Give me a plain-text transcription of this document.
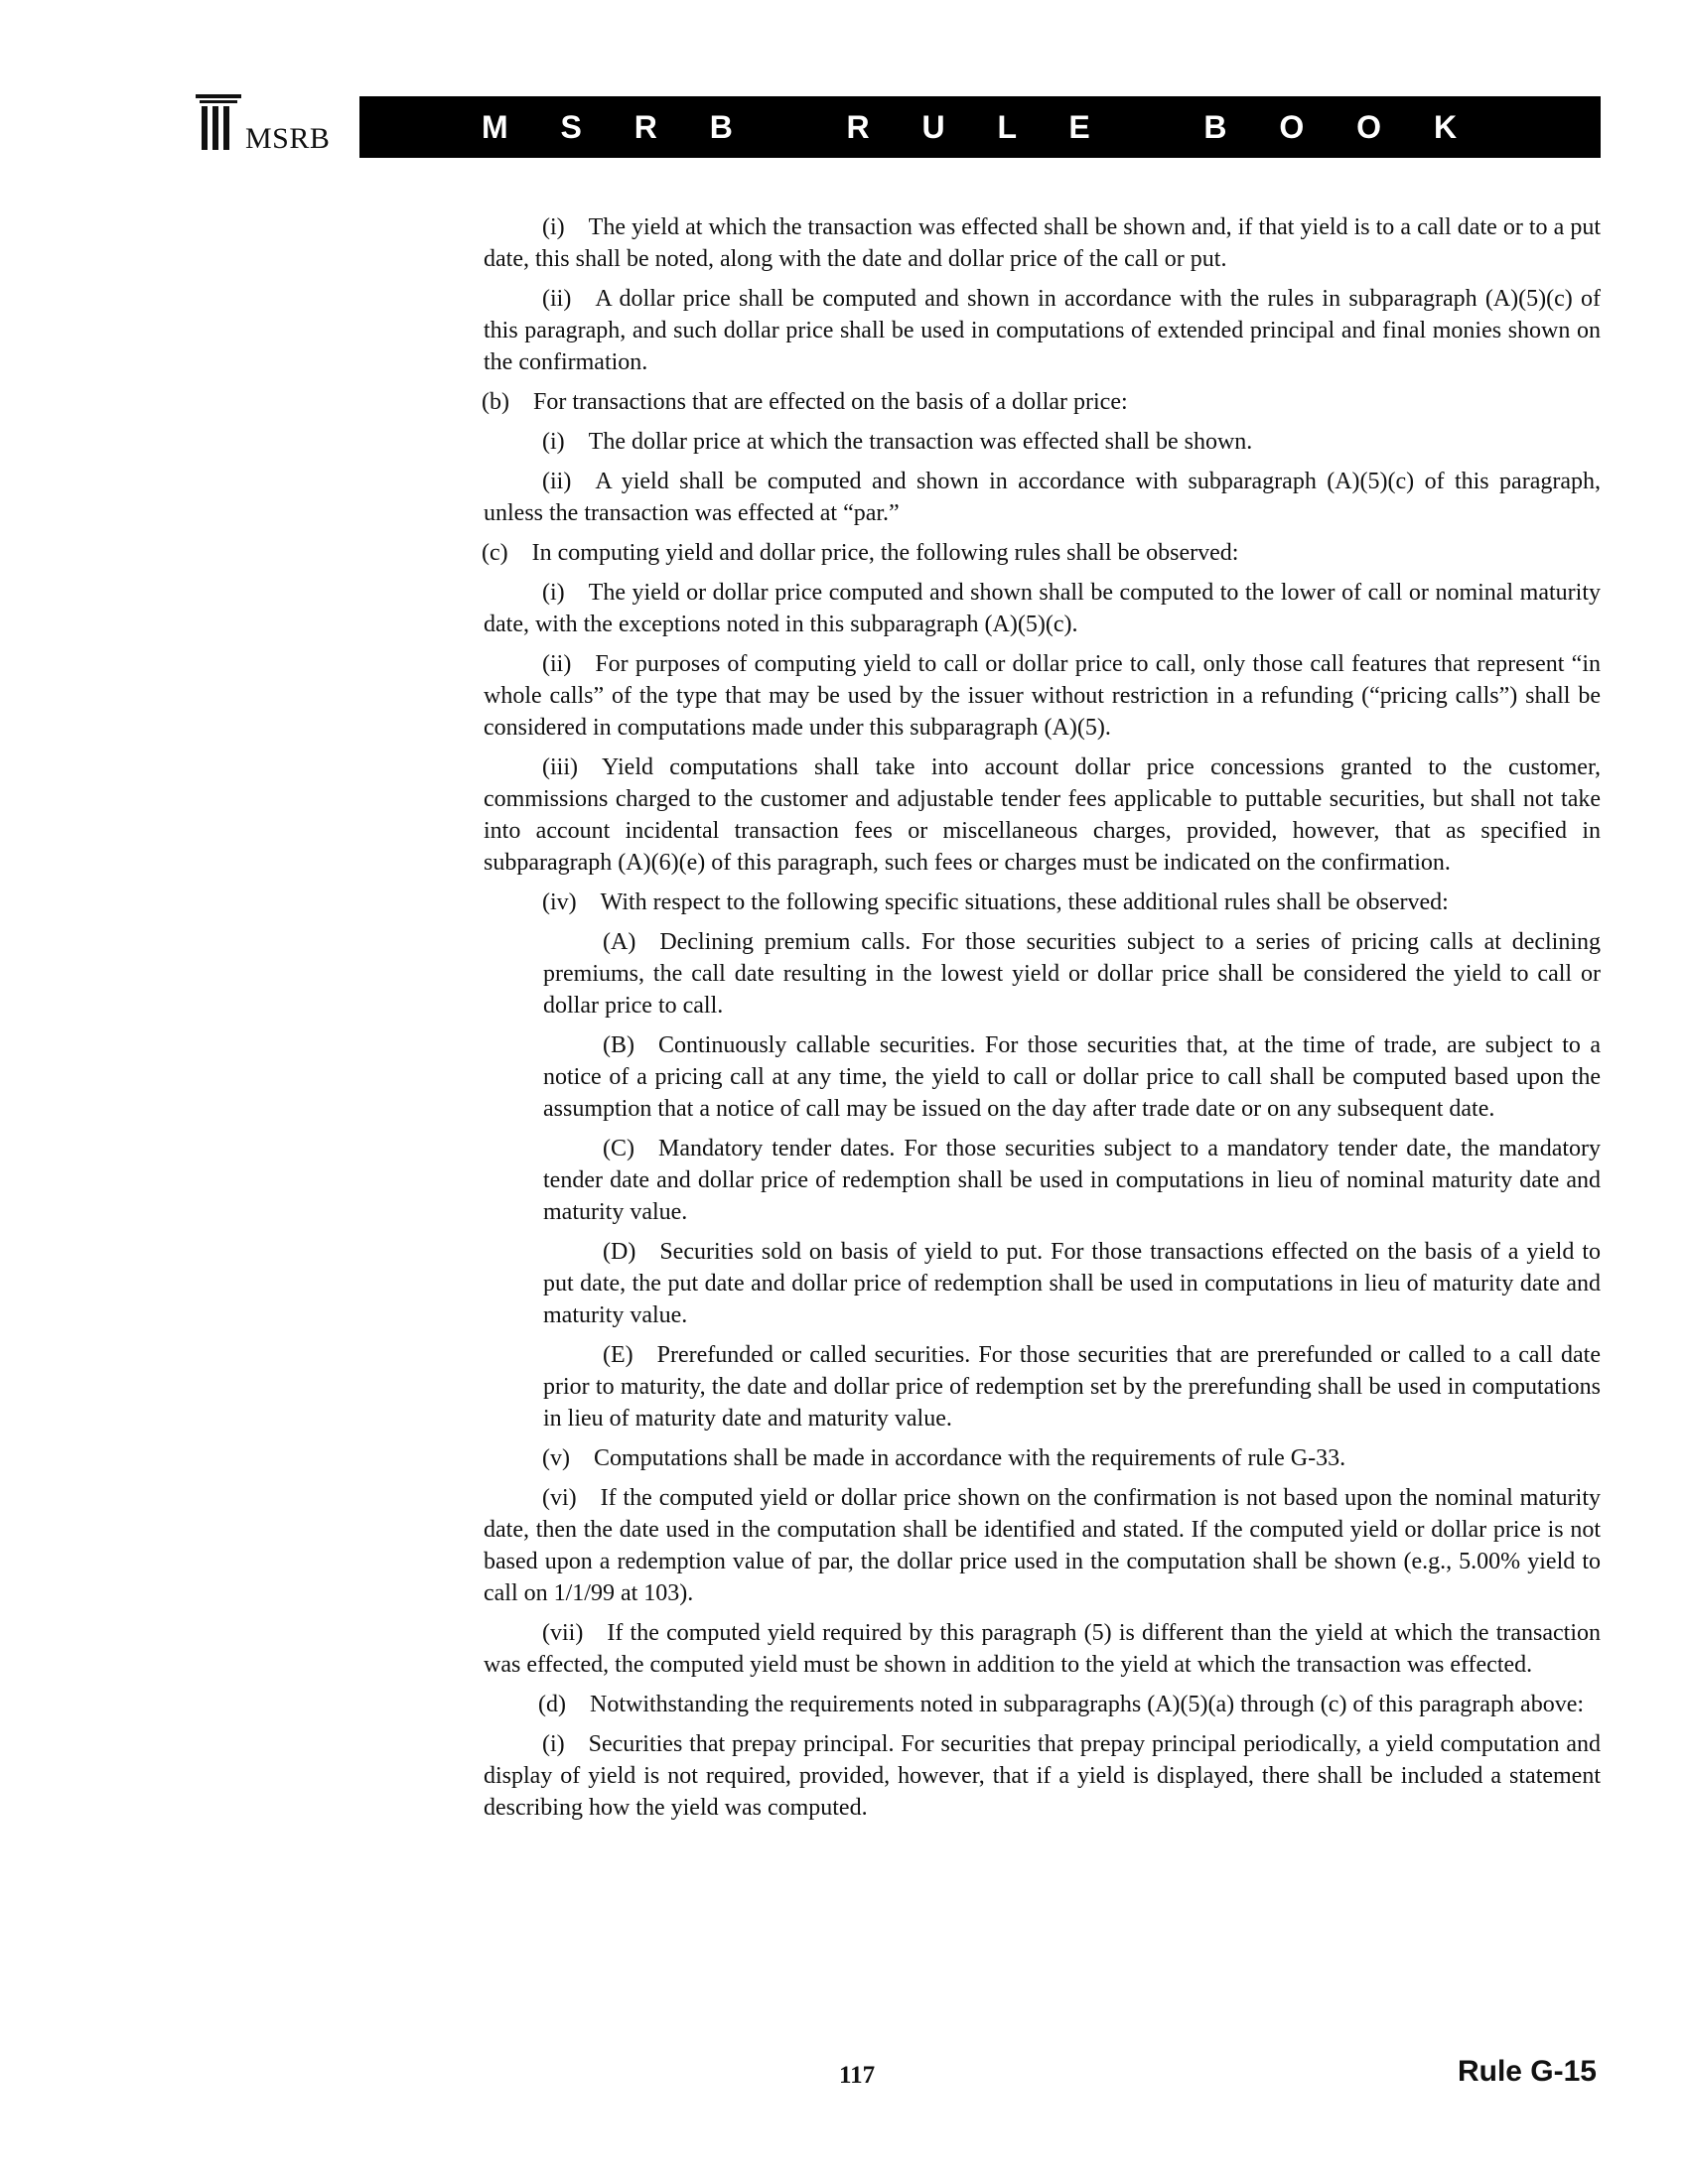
MSRB	M S R B   R U L E   B O O K

(i) The yield at which the transaction was effected shall be shown and, if that yield is to a call date or to a put date, this shall be noted, along with the date and dollar price of the call or put.

(ii) A dollar price shall be computed and shown in accordance with the rules in subparagraph (A)(5)(c) of this paragraph, and such dollar price shall be used in computations of extended principal and final monies shown on the confirmation.

(b) For transactions that are effected on the basis of a dollar price:

(i) The dollar price at which the transaction was effected shall be shown.

(ii) A yield shall be computed and shown in accordance with subparagraph (A)(5)(c) of this paragraph, unless the transaction was effected at “par.”

(c) In computing yield and dollar price, the following rules shall be observed:

(i) The yield or dollar price computed and shown shall be computed to the lower of call or nominal maturity date, with the exceptions noted in this subparagraph (A)(5)(c).

(ii) For purposes of computing yield to call or dollar price to call, only those call features that represent “in whole calls” of the type that may be used by the issuer without restriction in a refunding (“pricing calls”) shall be considered in computations made under this subparagraph (A)(5).

(iii) Yield computations shall take into account dollar price concessions granted to the customer, commissions charged to the customer and adjustable tender fees applicable to puttable securities, but shall not take into account incidental transaction fees or miscellaneous charges, provided, however, that as specified in subparagraph (A)(6)(e) of this paragraph, such fees or charges must be indicated on the confirmation.

(iv) With respect to the following specific situations, these additional rules shall be observed:

(A) Declining premium calls. For those securities subject to a series of pricing calls at declining premiums, the call date resulting in the lowest yield or dollar price shall be considered the yield to call or dollar price to call.

(B) Continuously callable securities. For those securities that, at the time of trade, are subject to a notice of a pricing call at any time, the yield to call or dollar price to call shall be computed based upon the assumption that a notice of call may be issued on the day after trade date or on any subsequent date.

(C) Mandatory tender dates. For those securities subject to a mandatory tender date, the mandatory tender date and dollar price of redemption shall be used in computations in lieu of nominal maturity date and maturity value.

(D) Securities sold on basis of yield to put. For those transactions effected on the basis of a yield to put date, the put date and dollar price of redemption shall be used in computations in lieu of maturity date and maturity value.

(E) Prerefunded or called securities. For those securities that are prerefunded or called to a call date prior to maturity, the date and dollar price of redemption set by the prerefunding shall be used in computations in lieu of maturity date and maturity value.

(v) Computations shall be made in accordance with the requirements of rule G-33.

(vi) If the computed yield or dollar price shown on the confirmation is not based upon the nominal maturity date, then the date used in the computation shall be identified and stated. If the computed yield or dollar price is not based upon a redemption value of par, the dollar price used in the computation shall be shown (e.g., 5.00% yield to call on 1/1/99 at 103).

(vii) If the computed yield required by this paragraph (5) is different than the yield at which the transaction was effected, the computed yield must be shown in addition to the yield at which the transaction was effected.

(d) Notwithstanding the requirements noted in subparagraphs (A)(5)(a) through (c) of this paragraph above:

(i) Securities that prepay principal. For securities that prepay principal periodically, a yield computation and display of yield is not required, provided, however, that if a yield is displayed, there shall be included a statement describing how the yield was computed.

117	Rule G-15
